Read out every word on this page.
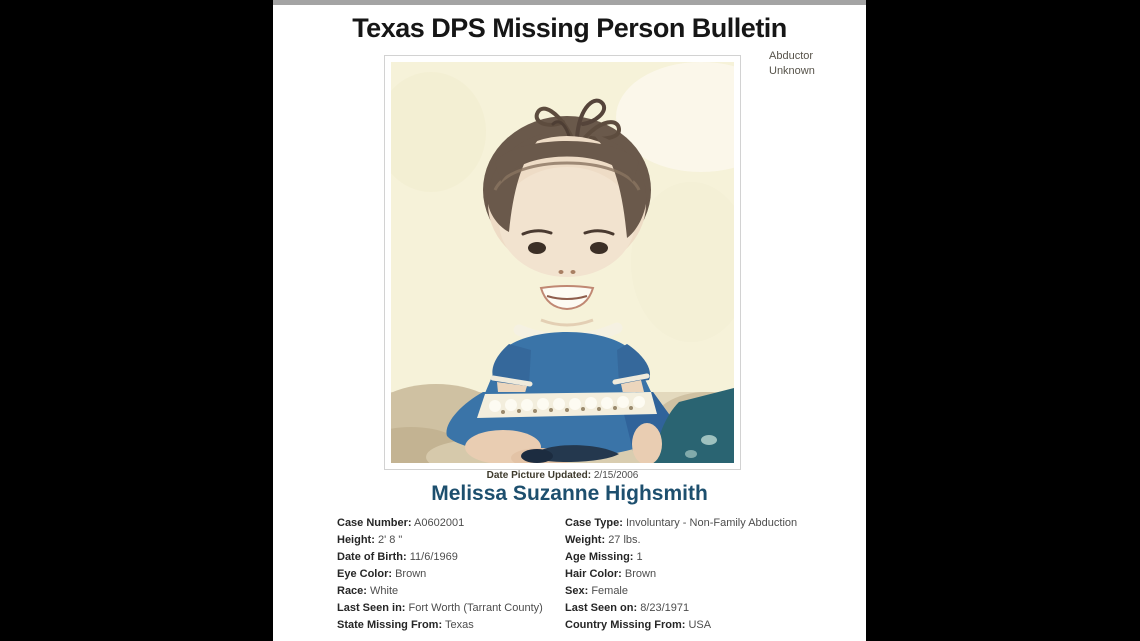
Texas DPS Missing Person Bulletin
Abductor
Unknown
Date Picture Updated: 2/15/2006
Melissa Suzanne Highsmith
Case Number: A0602001	Case Type: Involuntary - Non-Family Abduction
Height: 2' 8 "	Weight: 27 lbs.
Date of Birth: 11/6/1969	Age Missing: 1
Eye Color: Brown	Hair Color: Brown
Race: White	Sex: Female
Last Seen in: Fort Worth (Tarrant County)	Last Seen on: 8/23/1971
State Missing From: Texas	Country Missing From: USA
